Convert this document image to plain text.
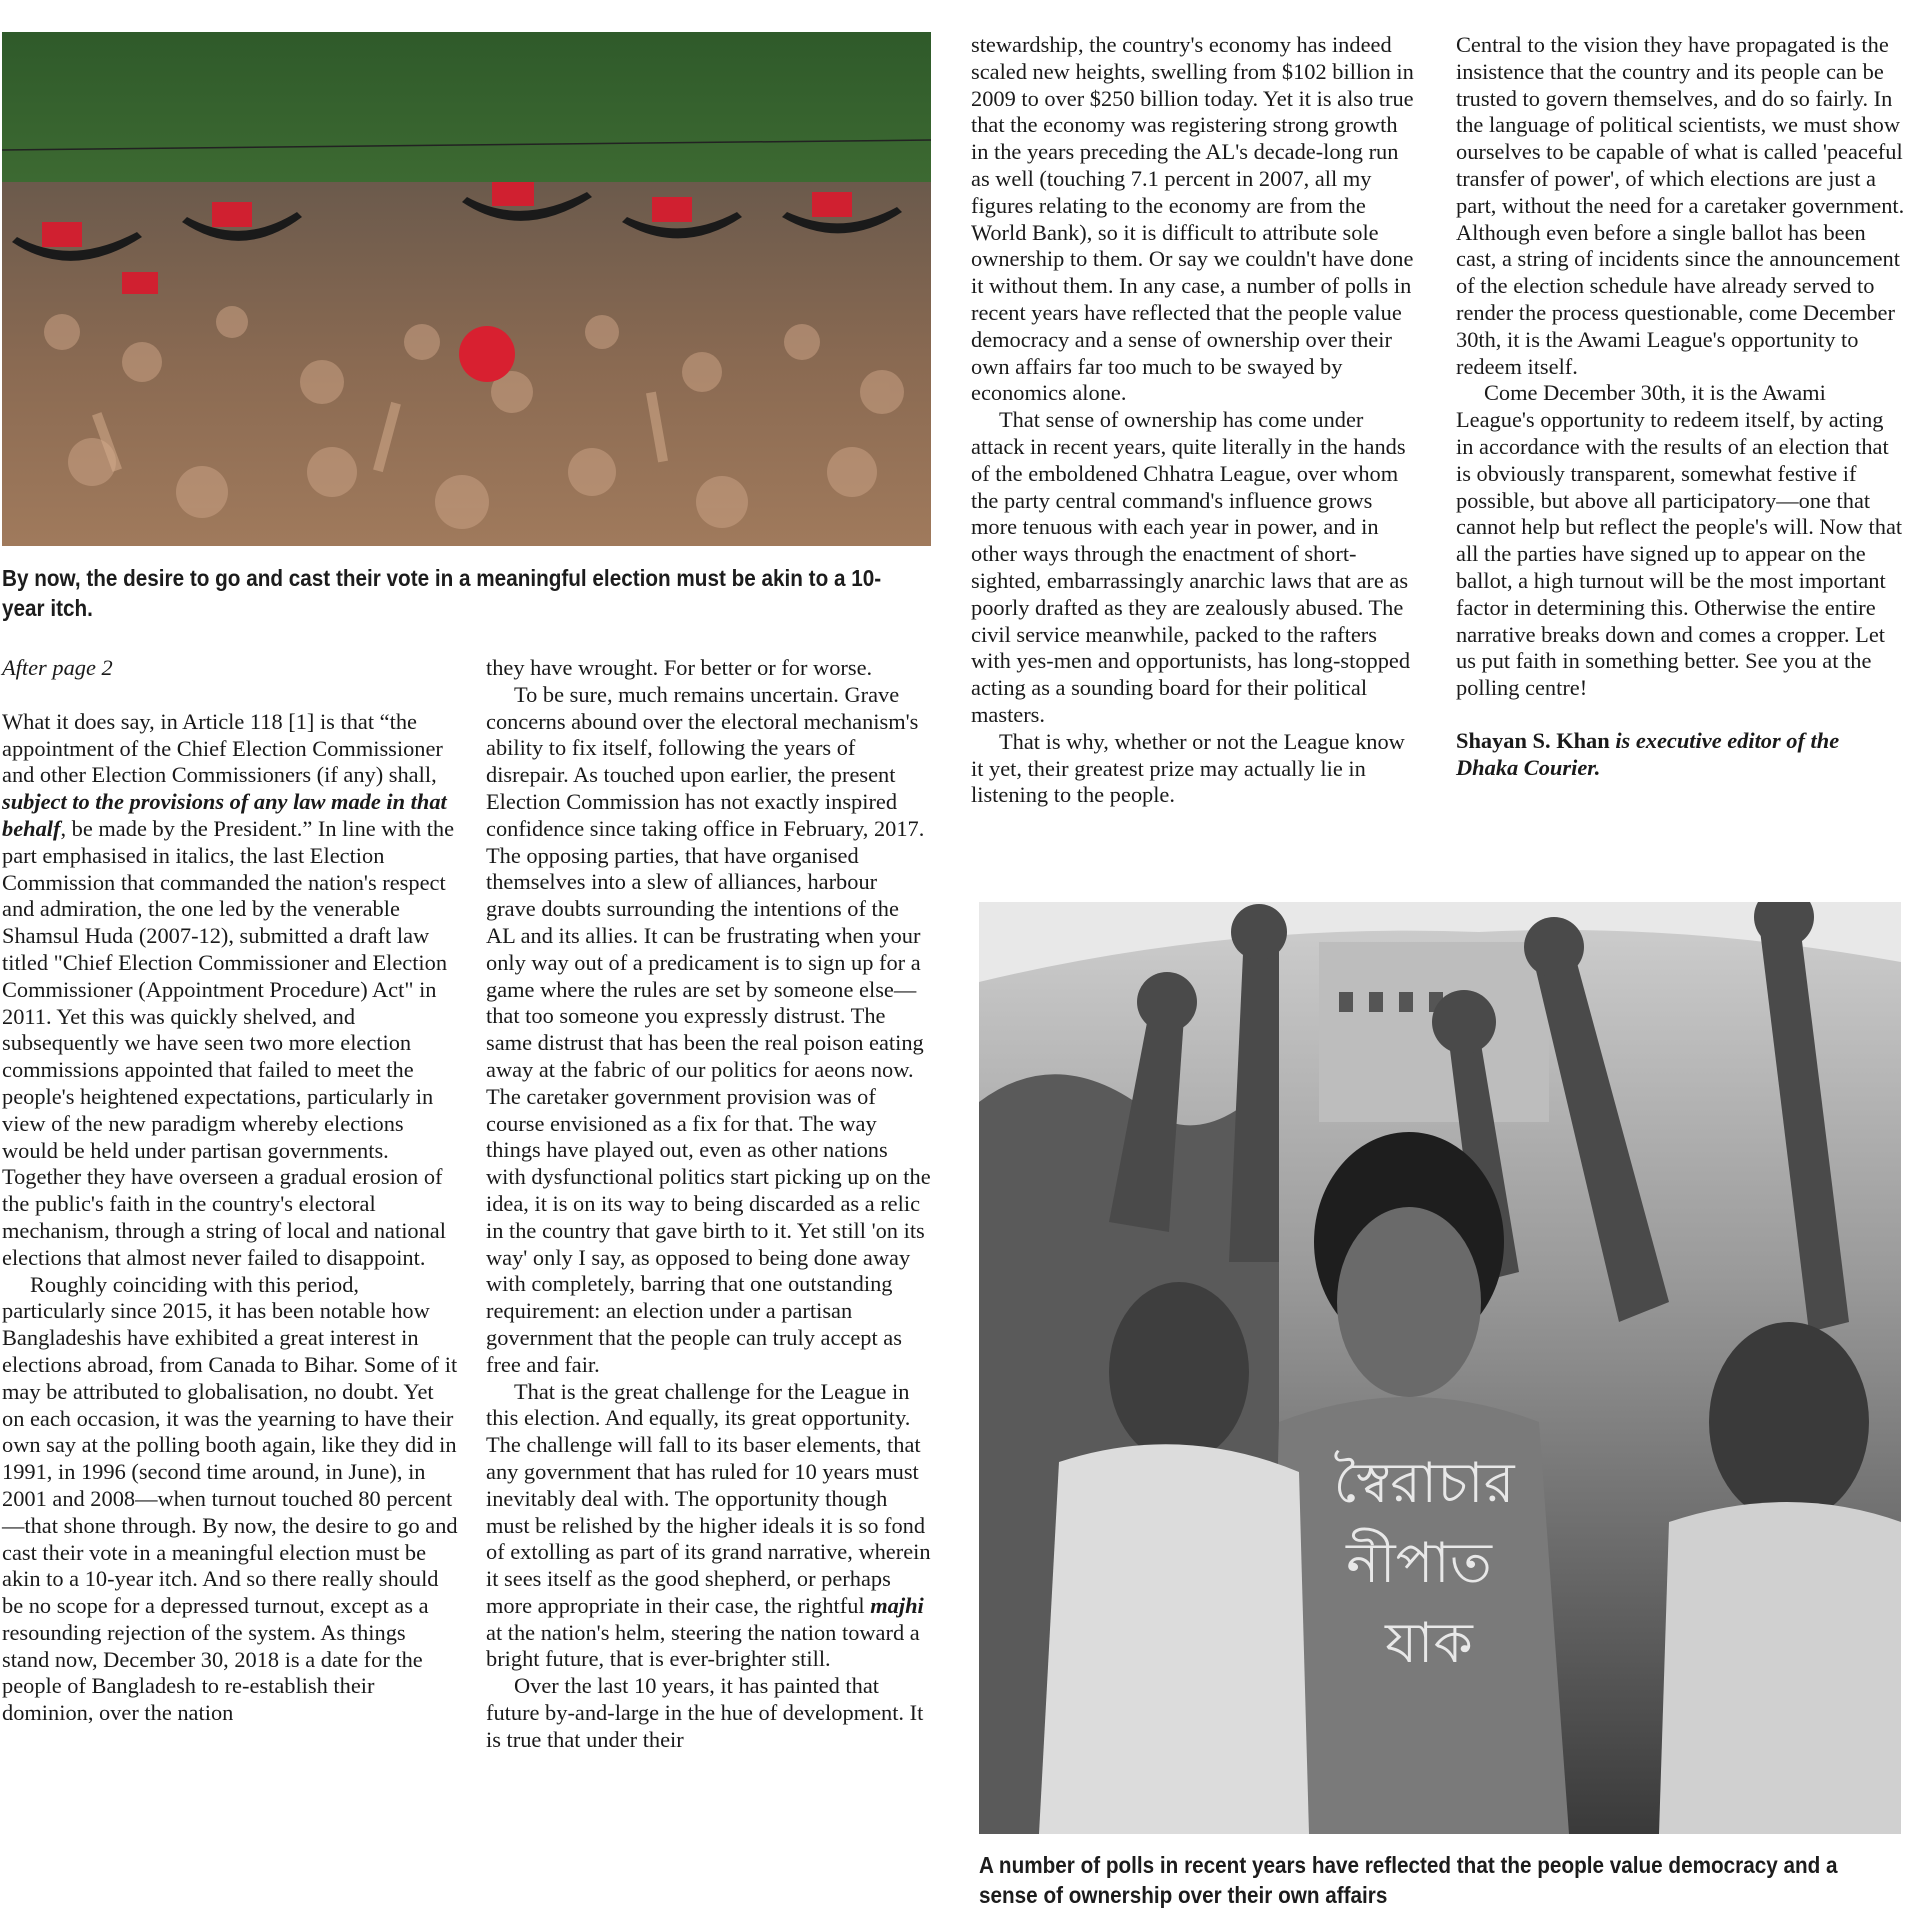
By now, the desire to go and cast their vote in a meaningful election must be akin to a 10-year itch.

After page 2

What it does say, in Article 118 [1] is that “the appointment of the Chief Election Commissioner and other Election Commissioners (if any) shall, subject to the provisions of any law made in that behalf, be made by the President.” In line with the part emphasised in italics, the last Election Commission that commanded the nation's respect and admiration, the one led by the venerable Shamsul Huda (2007-12), submitted a draft law titled "Chief Election Commissioner and Election Commissioner (Appointment Procedure) Act" in 2011. Yet this was quickly shelved, and subsequently we have seen two more election commissions appointed that failed to meet the people's heightened expectations, particularly in view of the new paradigm whereby elections would be held under partisan governments. Together they have overseen a gradual erosion of the public's faith in the country's electoral mechanism, through a string of local and national elections that almost never failed to disappoint.

Roughly coinciding with this period, particularly since 2015, it has been notable how Bangladeshis have exhibited a great interest in elections abroad, from Canada to Bihar. Some of it may be attributed to globalisation, no doubt. Yet on each occasion, it was the yearning to have their own say at the polling booth again, like they did in 1991, in 1996 (second time around, in June), in 2001 and 2008—when turnout touched 80 percent—that shone through. By now, the desire to go and cast their vote in a meaningful election must be akin to a 10-year itch. And so there really should be no scope for a depressed turnout, except as a resounding rejection of the system. As things stand now, December 30, 2018 is a date for the people of Bangladesh to re-establish their dominion, over the nation

they have wrought. For better or for worse.

To be sure, much remains uncertain. Grave concerns abound over the electoral mechanism's ability to fix itself, following the years of disrepair. As touched upon earlier, the present Election Commission has not exactly inspired confidence since taking office in February, 2017. The opposing parties, that have organised themselves into a slew of alliances, harbour grave doubts surrounding the intentions of the AL and its allies. It can be frustrating when your only way out of a predicament is to sign up for a game where the rules are set by someone else—that too someone you expressly distrust. The same distrust that has been the real poison eating away at the fabric of our politics for aeons now. The caretaker government provision was of course envisioned as a fix for that. The way things have played out, even as other nations with dysfunctional politics start picking up on the idea, it is on its way to being discarded as a relic in the country that gave birth to it. Yet still 'on its way' only I say, as opposed to being done away with completely, barring that one outstanding requirement: an election under a partisan government that the people can truly accept as free and fair.

That is the great challenge for the League in this election. And equally, its great opportunity. The challenge will fall to its baser elements, that any government that has ruled for 10 years must inevitably deal with. The opportunity though must be relished by the higher ideals it is so fond of extolling as part of its grand narrative, wherein it sees itself as the good shepherd, or perhaps more appropriate in their case, the rightful majhi at the nation's helm, steering the nation toward a bright future, that is ever-brighter still.

Over the last 10 years, it has painted that future by-and-large in the hue of development. It is true that under their

stewardship, the country's economy has indeed scaled new heights, swelling from $102 billion in 2009 to over $250 billion today. Yet it is also true that the economy was registering strong growth in the years preceding the AL's decade-long run as well (touching 7.1 percent in 2007, all my figures relating to the economy are from the World Bank), so it is difficult to attribute sole ownership to them. Or say we couldn't have done it without them. In any case, a number of polls in recent years have reflected that the people value democracy and a sense of ownership over their own affairs far too much to be swayed by economics alone.

That sense of ownership has come under attack in recent years, quite literally in the hands of the emboldened Chhatra League, over whom the party central command's influence grows more tenuous with each year in power, and in other ways through the enactment of short-sighted, embarrassingly anarchic laws that are as poorly drafted as they are zealously abused. The civil service meanwhile, packed to the rafters with yes-men and opportunists, has long-stopped acting as a sounding board for their political masters.

That is why, whether or not the League know it yet, their greatest prize may actually lie in listening to the people.

Central to the vision they have propagated is the insistence that the country and its people can be trusted to govern themselves, and do so fairly. In the language of political scientists, we must show ourselves to be capable of what is called 'peaceful transfer of power', of which elections are just a part, without the need for a caretaker government. Although even before a single ballot has been cast, a string of incidents since the announcement of the election schedule have already served to render the process questionable, come December 30th, it is the Awami League's opportunity to redeem itself.

Come December 30th, it is the Awami League's opportunity to redeem itself, by acting in accordance with the results of an election that is obviously transparent, somewhat festive if possible, but above all participatory—one that cannot help but reflect the people's will. Now that all the parties have signed up to appear on the ballot, a high turnout will be the most important factor in determining this. Otherwise the entire narrative breaks down and comes a cropper. Let us put faith in something better. See you at the polling centre!

Shayan S. Khan is executive editor of the Dhaka Courier.

স্বৈরাচার
নীপাত
যাক
A number of polls in recent years have reflected that the people value democracy and a sense of ownership over their own affairs
